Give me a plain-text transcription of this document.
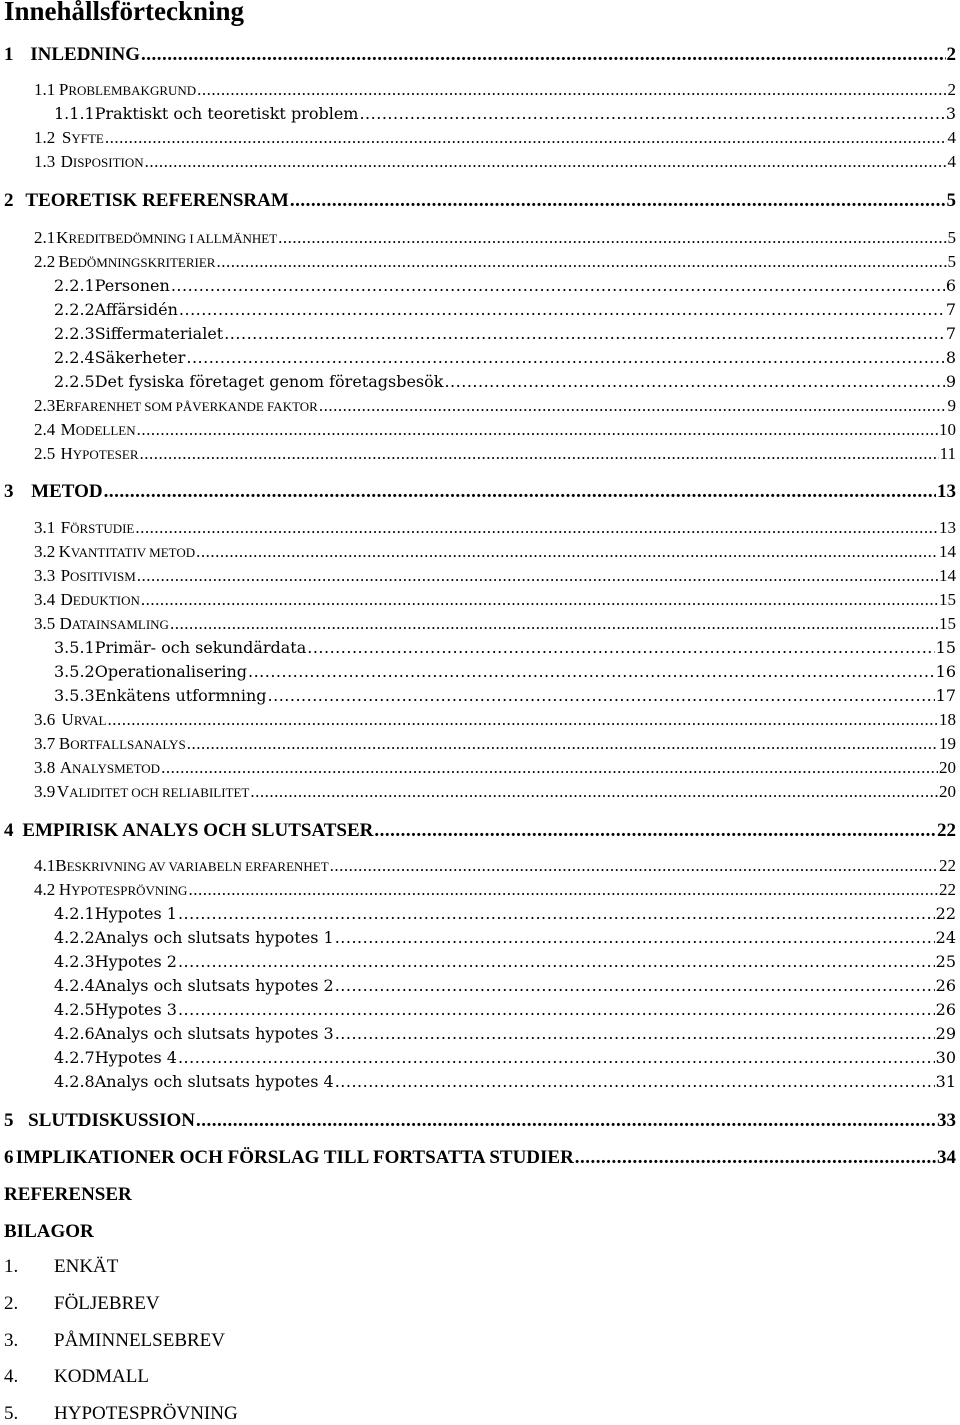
Innehållsförteckning
1 INLEDNING .....	2
1.1 PROBLEMBAKGRUND .....	2
1.1.1 Praktiskt och teoretiskt problem .....	3
1.2 SYFTE .....	4
1.3 DISPOSITION .....	4
2 TEORETISK REFERENSRAM .....	5
2.1 KREDITBEDÖMNING I ALLMÄNHET .....	5
2.2 BEDÖMNINGSKRITERIER .....	5
2.2.1 Personen .....	6
2.2.2 Affärsidén .....	7
2.2.3 Siffermaterialet .....	7
2.2.4 Säkerheter .....	8
2.2.5 Det fysiska företaget genom företagsbesök .....	9
2.3 ERFARENHET SOM PÅVERKANDE FAKTOR .....	9
2.4 MODELLEN .....	10
2.5 HYPOTESER .....	11
3 METOD .....	13
3.1 FÖRSTUDIE .....	13
3.2 KVANTITATIV METOD .....	14
3.3 POSITIVISM .....	14
3.4 DEDUKTION .....	15
3.5 DATAINSAMLING .....	15
3.5.1 Primär- och sekundärdata .....	15
3.5.2 Operationalisering .....	16
3.5.3 Enkätens utformning .....	17
3.6 URVAL .....	18
3.7 BORTFALLSANALYS .....	19
3.8 ANALYSMETOD .....	20
3.9 VALIDITET OCH RELIABILITET .....	20
4 EMPIRISK ANALYS OCH SLUTSATSER .....	22
4.1 BESKRIVNING AV VARIABELN ERFARENHET .....	22
4.2 HYPOTESPRÖVNING .....	22
4.2.1 Hypotes 1 .....	22
4.2.2 Analys och slutsats hypotes 1 .....	24
4.2.3 Hypotes 2 .....	25
4.2.4 Analys och slutsats hypotes 2 .....	26
4.2.5 Hypotes 3 .....	26
4.2.6 Analys och slutsats hypotes 3 .....	29
4.2.7 Hypotes 4 .....	30
4.2.8 Analys och slutsats hypotes 4 .....	31
5 SLUTDISKUSSION .....	33
6 IMPLIKATIONER OCH FÖRSLAG TILL FORTSATTA STUDIER .....	34
REFERENSER
BILAGOR
1. ENKÄT
2. FÖLJEBREV
3. PÅMINNELSEBREV
4. KODMALL
5. HYPOTESPRÖVNING
